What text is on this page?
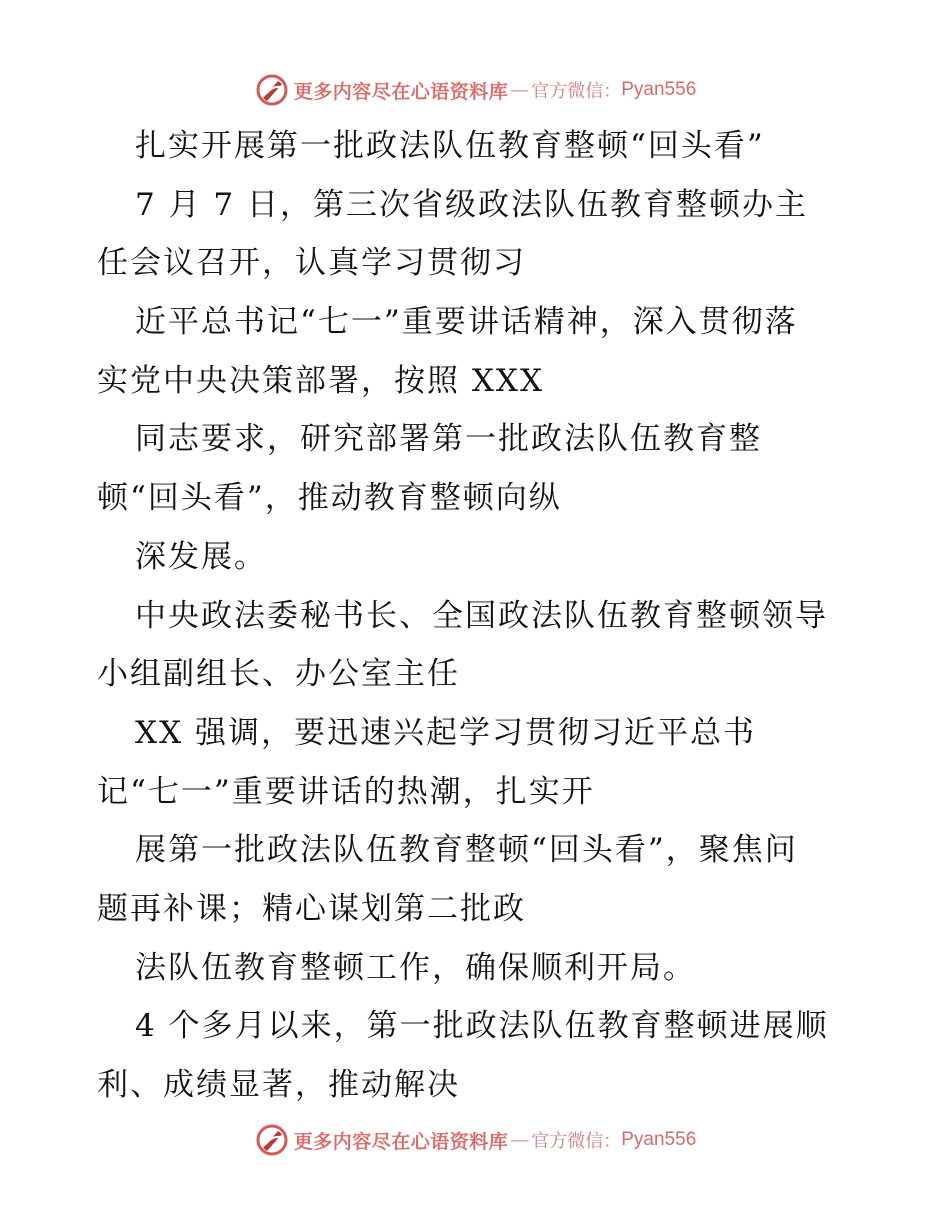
更多内容尽在心语资料库 — 官方微信： Pyan556
扎实开展第一批政法队伍教育整顿“回头看”
7 月 7 日，第三次省级政法队伍教育整顿办主
任会议召开，认真学习贯彻习
近平总书记“七一”重要讲话精神，深入贯彻落
实党中央决策部署，按照 XXX
同志要求，研究部署第一批政法队伍教育整
顿“回头看”，推动教育整顿向纵
深发展。
中央政法委秘书长、全国政法队伍教育整顿领导
小组副组长、办公室主任
XX 强调，要迅速兴起学习贯彻习近平总书
记“七一”重要讲话的热潮，扎实开
展第一批政法队伍教育整顿“回头看”，聚焦问
题再补课；精心谋划第二批政
法队伍教育整顿工作，确保顺利开局。
4 个多月以来，第一批政法队伍教育整顿进展顺
利、成绩显著，推动解决
更多内容尽在心语资料库 — 官方微信： Pyan556
